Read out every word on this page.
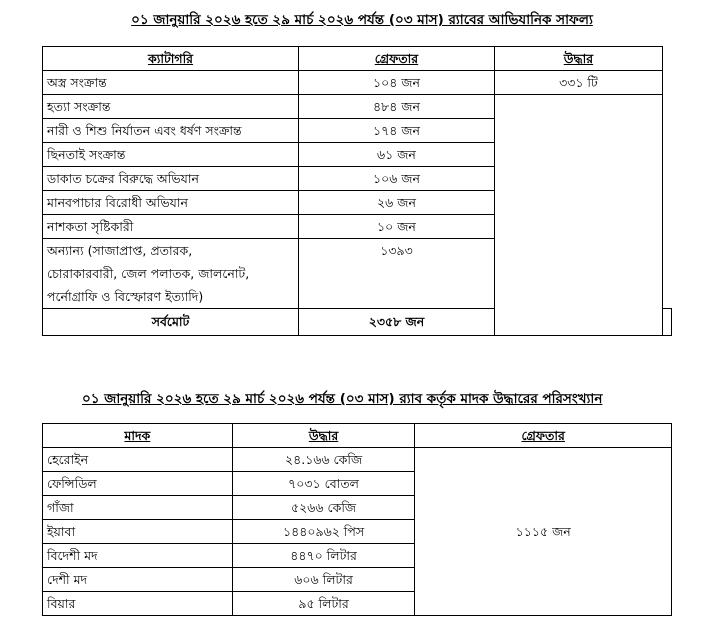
০১ জানুয়ারি ২০২৬ হতে ২৯ মার্চ ২০২৬ পর্যন্ত (০৩ মাস) র‍্যাবের আভিযানিক সাফল্য
ক্যাটাগরি	গ্রেফতার	উদ্ধার	
অস্ত্র সংক্রান্ত	১০৪ জন	৩৩১ টি	
হত্যা সংক্রান্ত	৪৮৪ জন		
নারী ও শিশু নির্যাতন এবং ধর্ষণ সংক্রান্ত	১৭৪ জন		
ছিনতাই সংক্রান্ত	৬১ জন		
ডাকাত চক্রের বিরুদ্ধে অভিযান	১০৬ জন		
মানবপাচার বিরোধী অভিযান	২৬ জন		
নাশকতা সৃষ্টিকারী	১০ জন		

অন্যান্য (সাজাপ্রাপ্ত, প্রতারক,
চোরাকারবারী, জেল পলাতক, জালনোট,
পর্নোগ্রাফি ও বিস্ফোরণ ইত্যাদি)	১৩৯৩		
সর্বমোট	২৩৫৮ জন		
০১ জানুয়ারি ২০২৬ হতে ২৯ মার্চ ২০২৬ পর্যন্ত (০৩ মাস) র‍্যাব কর্তৃক মাদক উদ্ধারের পরিসংখ্যান
মাদক	উদ্ধার	গ্রেফতার
হেরোইন	২৪.১৬৬ কেজি	১১১৫ জন
ফেন্সিডিল	৭০৩১ বোতল	
গাঁজা	৫২৬৬ কেজি	
ইয়াবা	১৪৪০৯৬২ পিস	
বিদেশী মদ	৪৪৭০ লিটার	
দেশী মদ	৬০৬ লিটার	
বিয়ার	৯৫ লিটার	
